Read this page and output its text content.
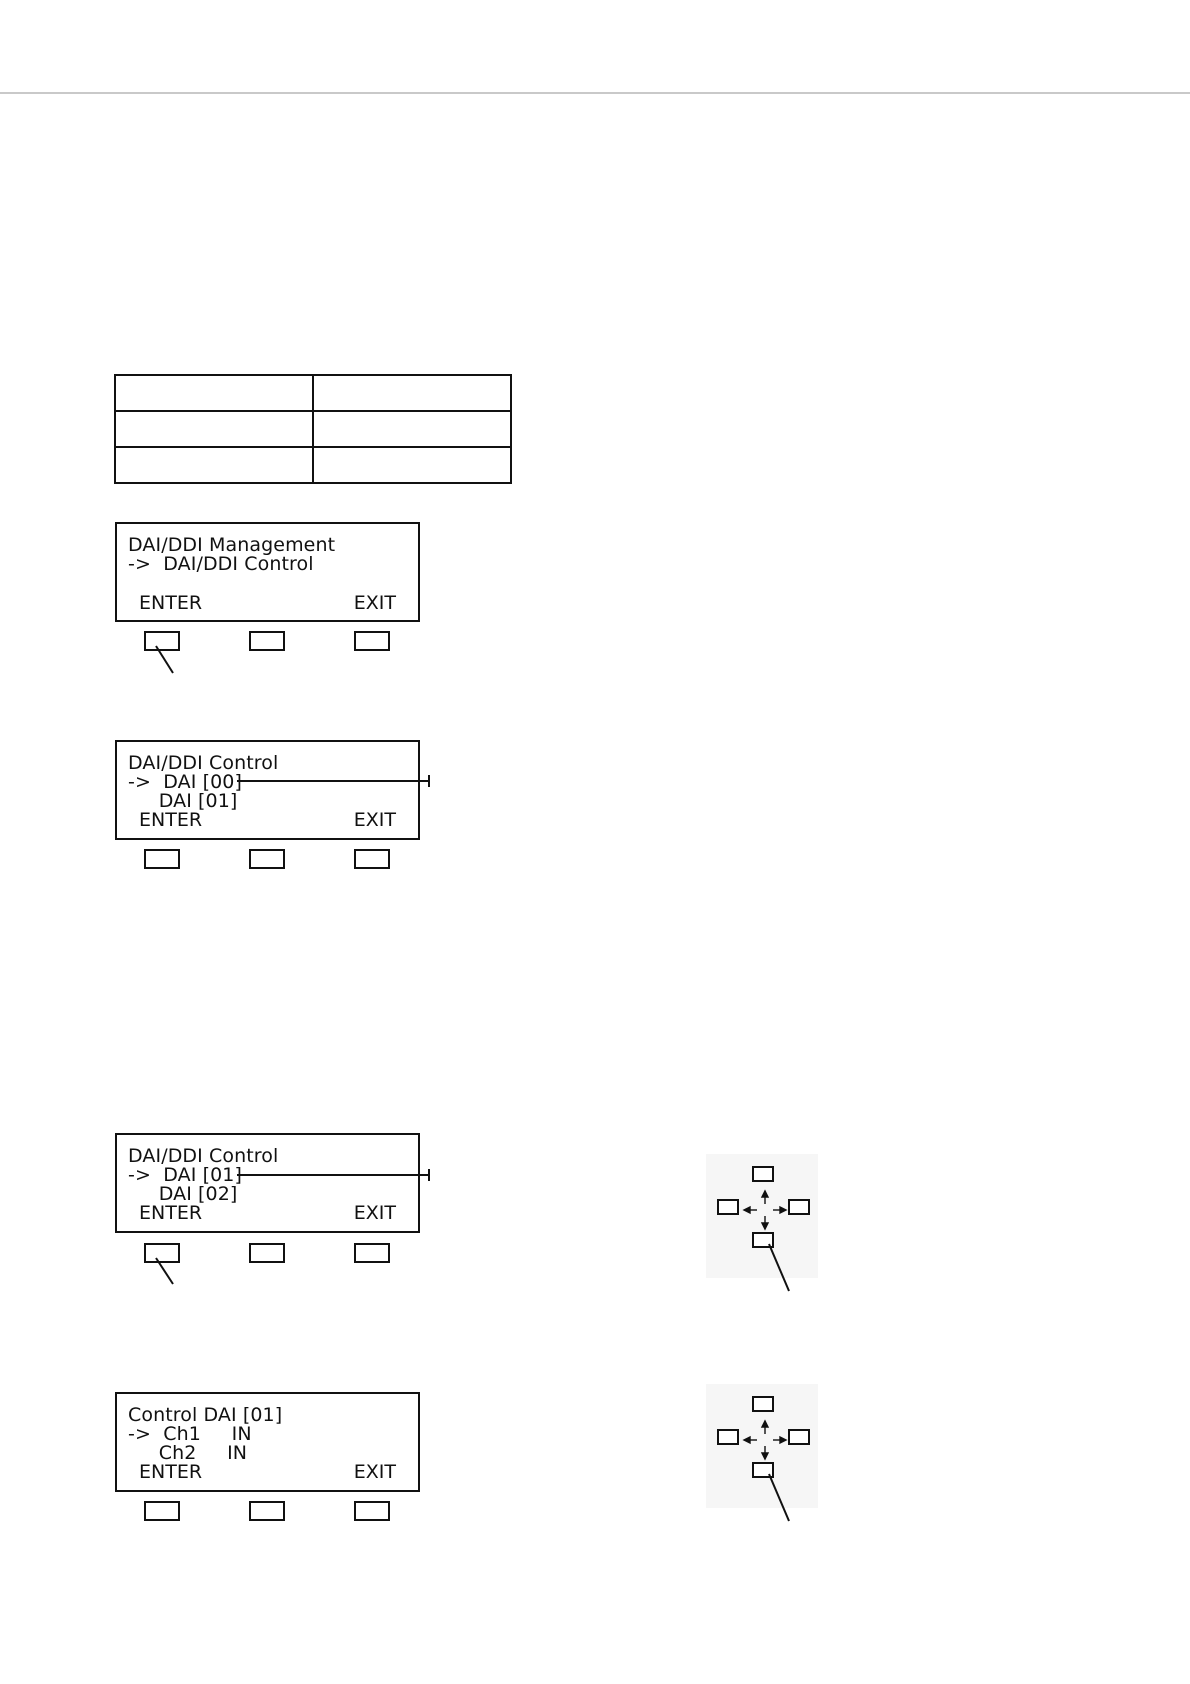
DAI/DDI Management
->  DAI/DDI Control
ENTER	EXIT
DAI/DDI Control
->  DAI [00]
DAI [01]
ENTER	EXIT
DAI/DDI Control
->  DAI [01]
DAI [02]
ENTER	EXIT
Control DAI [01]
->  Ch1     IN
Ch2     IN
ENTER	EXIT
